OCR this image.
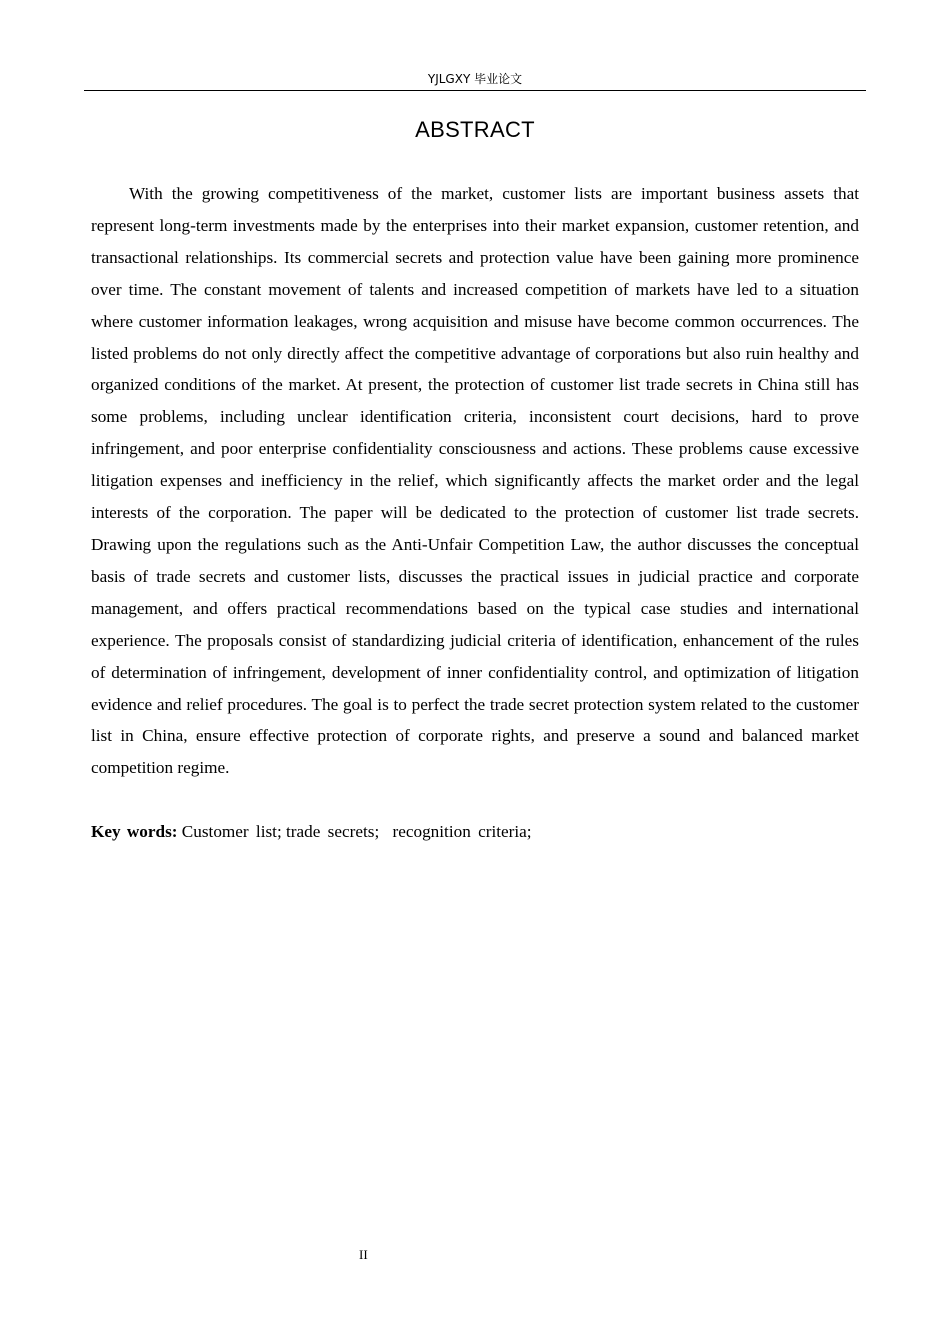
YJLGXY 毕业论文
ABSTRACT

With the growing competitiveness of the market, customer lists are important business assets that represent long-term investments made by the enterprises into their market expansion, customer retention, and transactional relationships. Its commercial secrets and protection value have been gaining more prominence over time. The constant movement of talents and increased competition of markets have led to a situation where customer information leakages, wrong acquisition and misuse have become common occurrences. The listed problems do not only directly affect the competitive advantage of corporations but also ruin healthy and organized conditions of the market. At present, the protection of customer list trade secrets in China still has some problems, including unclear identification criteria, inconsistent court decisions, hard to prove infringement, and poor enterprise confidentiality consciousness and actions. These problems cause excessive litigation expenses and inefficiency in the relief, which significantly affects the market order and the legal interests of the corporation. The paper will be dedicated to the protection of customer list trade secrets. Drawing upon the regulations such as the Anti-Unfair Competition Law, the author discusses the conceptual basis of trade secrets and customer lists, discusses the practical issues in judicial practice and corporate management, and offers practical recommendations based on the typical case studies and international experience. The proposals consist of standardizing judicial criteria of identification, enhancement of the rules of determination of infringement, development of inner confidentiality control, and optimization of litigation evidence and relief procedures. The goal is to perfect the trade secret protection system related to the customer list in China, ensure effective protection of corporate rights, and preserve a sound and balanced market competition regime.

Key words: Customer list; trade secrets; recognition criteria;

II
